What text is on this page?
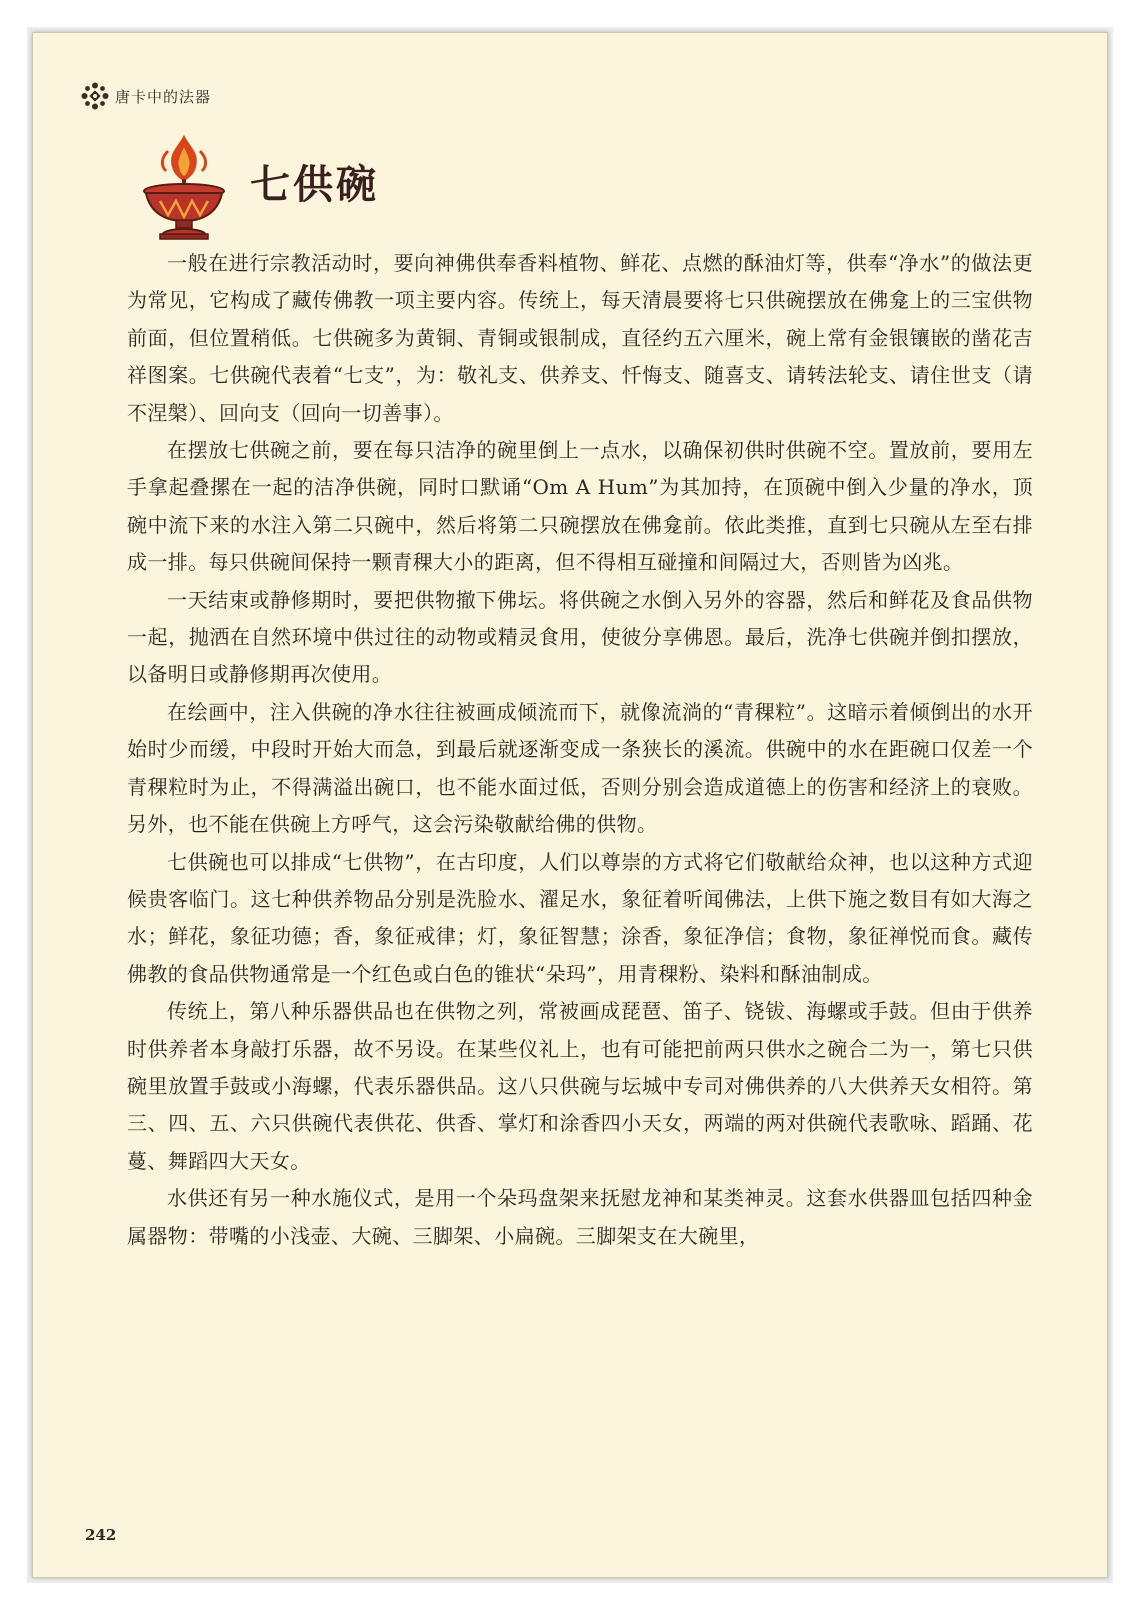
唐卡中的法器
七供碗

一般在进行宗教活动时，要向神佛供奉香料植物、鲜花、点燃的酥油灯等，供奉“净水”的做法更为常见，它构成了藏传佛教一项主要内容。传统上，每天清晨要将七只供碗摆放在佛龛上的三宝供物前面，但位置稍低。七供碗多为黄铜、青铜或银制成，直径约五六厘米，碗上常有金银镶嵌的凿花吉祥图案。七供碗代表着“七支”，为：敬礼支、供养支、忏悔支、随喜支、请转法轮支、请住世支（请不涅槃）、回向支（回向一切善事）。

在摆放七供碗之前，要在每只洁净的碗里倒上一点水，以确保初供时供碗不空。置放前，要用左手拿起叠摞在一起的洁净供碗，同时口默诵“Om A Hum”为其加持，在顶碗中倒入少量的净水，顶碗中流下来的水注入第二只碗中，然后将第二只碗摆放在佛龛前。依此类推，直到七只碗从左至右排成一排。每只供碗间保持一颗青稞大小的距离，但不得相互碰撞和间隔过大，否则皆为凶兆。

一天结束或静修期时，要把供物撤下佛坛。将供碗之水倒入另外的容器，然后和鲜花及食品供物一起，抛洒在自然环境中供过往的动物或精灵食用，使彼分享佛恩。最后，洗净七供碗并倒扣摆放，以备明日或静修期再次使用。

在绘画中，注入供碗的净水往往被画成倾流而下，就像流淌的“青稞粒”。这暗示着倾倒出的水开始时少而缓，中段时开始大而急，到最后就逐渐变成一条狭长的溪流。供碗中的水在距碗口仅差一个青稞粒时为止，不得满溢出碗口，也不能水面过低，否则分别会造成道德上的伤害和经济上的衰败。另外，也不能在供碗上方呼气，这会污染敬献给佛的供物。

七供碗也可以排成“七供物”，在古印度，人们以尊崇的方式将它们敬献给众神，也以这种方式迎候贵客临门。这七种供养物品分别是洗脸水、濯足水，象征着听闻佛法，上供下施之数目有如大海之水；鲜花，象征功德；香，象征戒律；灯，象征智慧；涂香，象征净信；食物，象征禅悦而食。藏传佛教的食品供物通常是一个红色或白色的锥状“朵玛”，用青稞粉、染料和酥油制成。

传统上，第八种乐器供品也在供物之列，常被画成琵琶、笛子、铙钹、海螺或手鼓。但由于供养时供养者本身敲打乐器，故不另设。在某些仪礼上，也有可能把前两只供水之碗合二为一，第七只供碗里放置手鼓或小海螺，代表乐器供品。这八只供碗与坛城中专司对佛供养的八大供养天女相符。第三、四、五、六只供碗代表供花、供香、掌灯和涂香四小天女，两端的两对供碗代表歌咏、蹈踊、花蔓、舞蹈四大天女。

水供还有另一种水施仪式，是用一个朵玛盘架来抚慰龙神和某类神灵。这套水供器皿包括四种金属器物：带嘴的小浅壶、大碗、三脚架、小扁碗。三脚架支在大碗里，

242
